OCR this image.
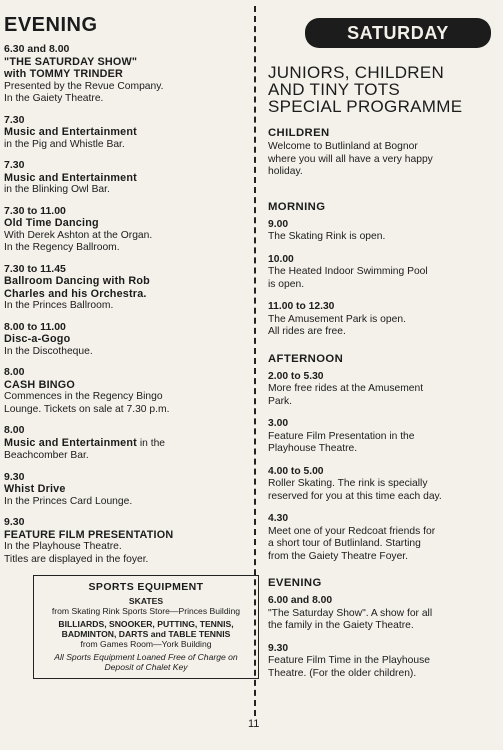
EVENING
6.30 and 8.00
"THE SATURDAY SHOW"
with TOMMY TRINDER
Presented by the Revue Company.
In the Gaiety Theatre.
7.30
Music and Entertainment
in the Pig and Whistle Bar.
7.30
Music and Entertainment
in the Blinking Owl Bar.
7.30 to 11.00
Old Time Dancing
With Derek Ashton at the Organ.
In the Regency Ballroom.
7.30 to 11.45
Ballroom Dancing with Rob
Charles and his Orchestra.
In the Princes Ballroom.
8.00 to 11.00
Disc-a-Gogo
In the Discotheque.
8.00
CASH BINGO
Commences in the Regency Bingo
Lounge. Tickets on sale at 7.30 p.m.
8.00
Music and Entertainment in the
Beachcomber Bar.
9.30
Whist Drive
In the Princes Card Lounge.
9.30
FEATURE FILM PRESENTATION
In the Playhouse Theatre.
Titles are displayed in the foyer.
SPORTS EQUIPMENT
SKATES
from Skating Rink Sports Store—Princes Building
BILLIARDS, SNOOKER, PUTTING, TENNIS, BADMINTON, DARTS and TABLE TENNIS
from Games Room—York Building
All Sports Equipment Loaned Free of Charge on Deposit of Chalet Key
SATURDAY
JUNIORS, CHILDREN
AND TINY TOTS
SPECIAL PROGRAMME
CHILDREN
Welcome to Butlinland at Bognor
where you will all have a very happy
holiday.
MORNING
9.00
The Skating Rink is open.
10.00
The Heated Indoor Swimming Pool
is open.
11.00 to 12.30
The Amusement Park is open.
All rides are free.
AFTERNOON
2.00 to 5.30
More free rides at the Amusement
Park.
3.00
Feature Film Presentation in the
Playhouse Theatre.
4.00 to 5.00
Roller Skating. The rink is specially
reserved for you at this time each day.
4.30
Meet one of your Redcoat friends for
a short tour of Butlinland. Starting
from the Gaiety Theatre Foyer.
EVENING
6.00 and 8.00
"The Saturday Show". A show for all
the family in the Gaiety Theatre.
9.30
Feature Film Time in the Playhouse
Theatre. (For the older children).
11
